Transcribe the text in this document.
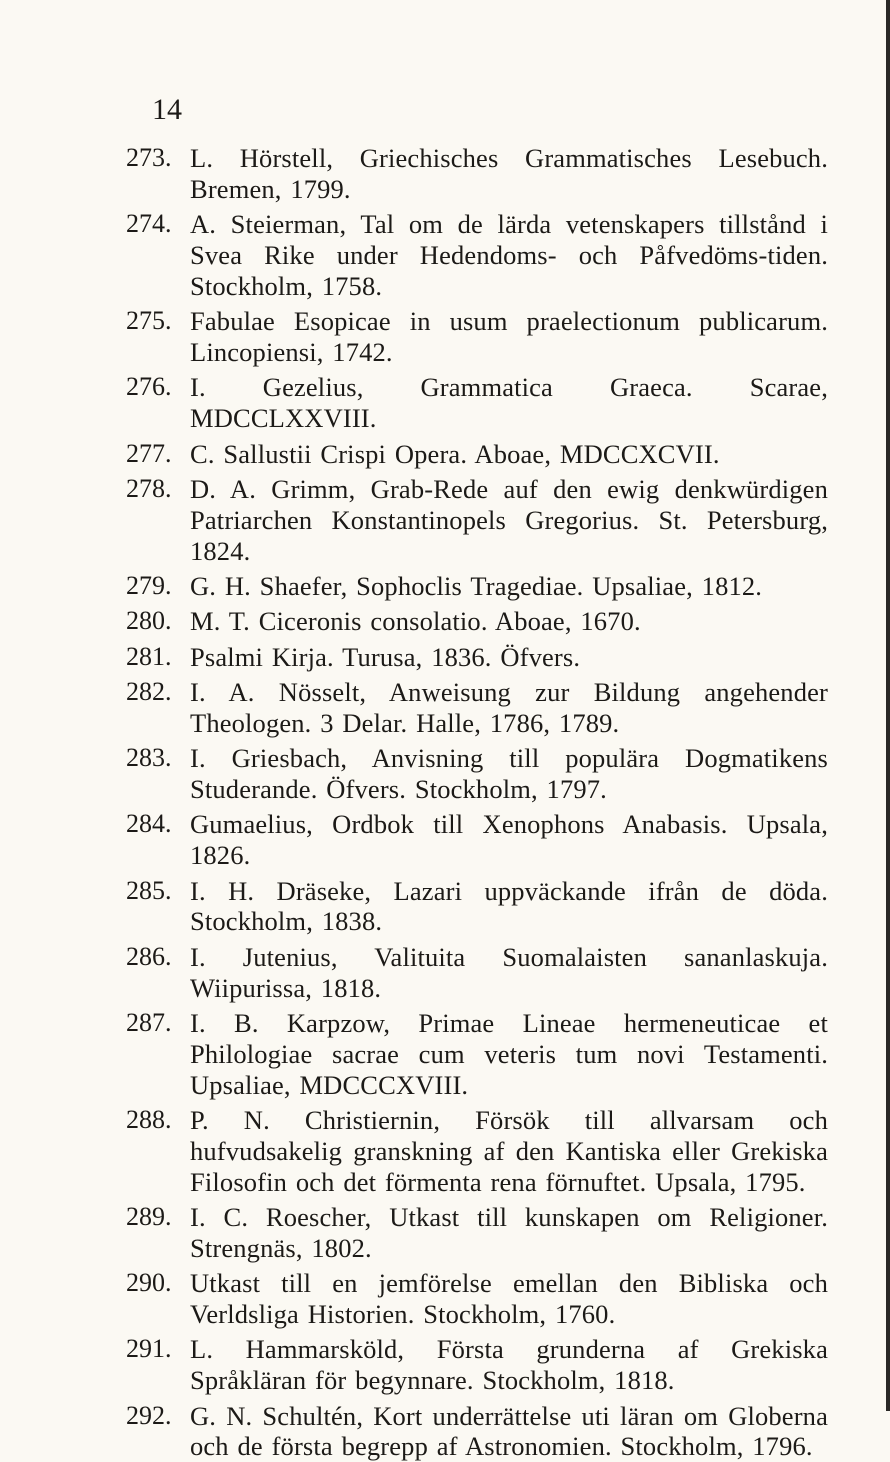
14
273. L. Hörstell, Griechisches Grammatisches Lesebuch. Bremen, 1799.
274. A. Steierman, Tal om de lärda vetenskapers tillstånd i Svea Rike under Hedendoms- och Påfvedöms-tiden. Stockholm, 1758.
275. Fabulae Esopicae in usum praelectionum publicarum. Lincopiensi, 1742.
276. I. Gezelius, Grammatica Graeca. Scarae, MDCCLXXVIII.
277. C. Sallustii Crispi Opera. Aboae, MDCCXCVII.
278. D. A. Grimm, Grab-Rede auf den ewig denkwürdigen Patriarchen Konstantinopels Gregorius. St. Petersburg, 1824.
279. G. H. Shaefer, Sophoclis Tragediae. Upsaliae, 1812.
280. M. T. Ciceronis consolatio. Aboae, 1670.
281. Psalmi Kirja. Turusa, 1836. Öfvers.
282. I. A. Nösselt, Anweisung zur Bildung angehender Theologen. 3 Delar. Halle, 1786, 1789.
283. I. Griesbach, Anvisning till populära Dogmatikens Studerande. Öfvers. Stockholm, 1797.
284. Gumaelius, Ordbok till Xenophons Anabasis. Upsala, 1826.
285. I. H. Dräseke, Lazari uppväckande ifrån de döda. Stockholm, 1838.
286. I. Jutenius, Valituita Suomalaisten sananlaskuja. Wiipurissa, 1818.
287. I. B. Karpzow, Primae Lineae hermeneuticae et Philologiae sacrae cum veteris tum novi Testamenti. Upsaliae, MDCCCXVIII.
288. P. N. Christiernin, Försök till allvarsam och hufvudsakelig granskning af den Kantiska eller Grekiska Filosofin och det förmenta rena förnuftet. Upsala, 1795.
289. I. C. Roescher, Utkast till kunskapen om Religioner. Strengnäs, 1802.
290. Utkast till en jemförelse emellan den Bibliska och Verldsliga Historien. Stockholm, 1760.
291. L. Hammarsköld, Första grunderna af Grekiska Språkläran för begynnare. Stockholm, 1818.
292. G. N. Schultén, Kort underrättelse uti läran om Globerna och de första begrepp af Astronomien. Stockholm, 1796.
